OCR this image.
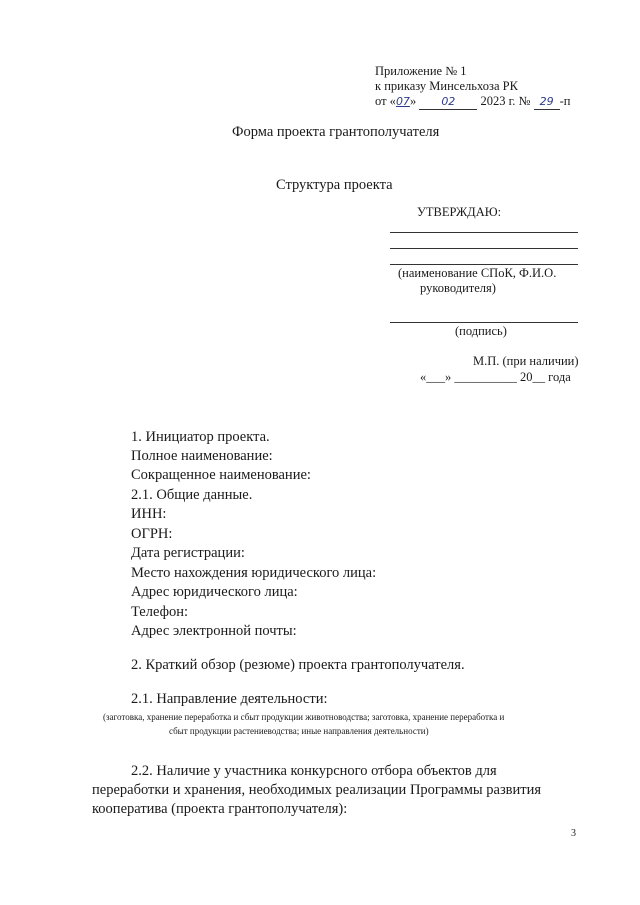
Приложение № 1
к приказу Минсельхоза РК
от «07» 02 2023 г. № 29 -п
Форма проекта грантополучателя
Структура проекта
УТВЕРЖДАЮ:
(наименование СПоК, Ф.И.О.
руководителя)
(подпись)
М.П. (при наличии)
«___» __________ 20__ года
1. Инициатор проекта.
Полное наименование:
Сокращенное наименование:
2.1. Общие данные.
ИНН:
ОГРН:
Дата регистрации:
Место нахождения юридического лица:
Адрес юридического лица:
Телефон:
Адрес электронной почты:
2. Краткий обзор (резюме) проекта грантополучателя.
2.1. Направление деятельности:
(заготовка, хранение переработка и сбыт продукции животноводства; заготовка, хранение переработка и
сбыт продукции растениеводства; иные направления деятельности)
2.2. Наличие у участника конкурсного отбора объектов для
переработки и хранения, необходимых реализации Программы развития
кооператива (проекта грантополучателя):
3
